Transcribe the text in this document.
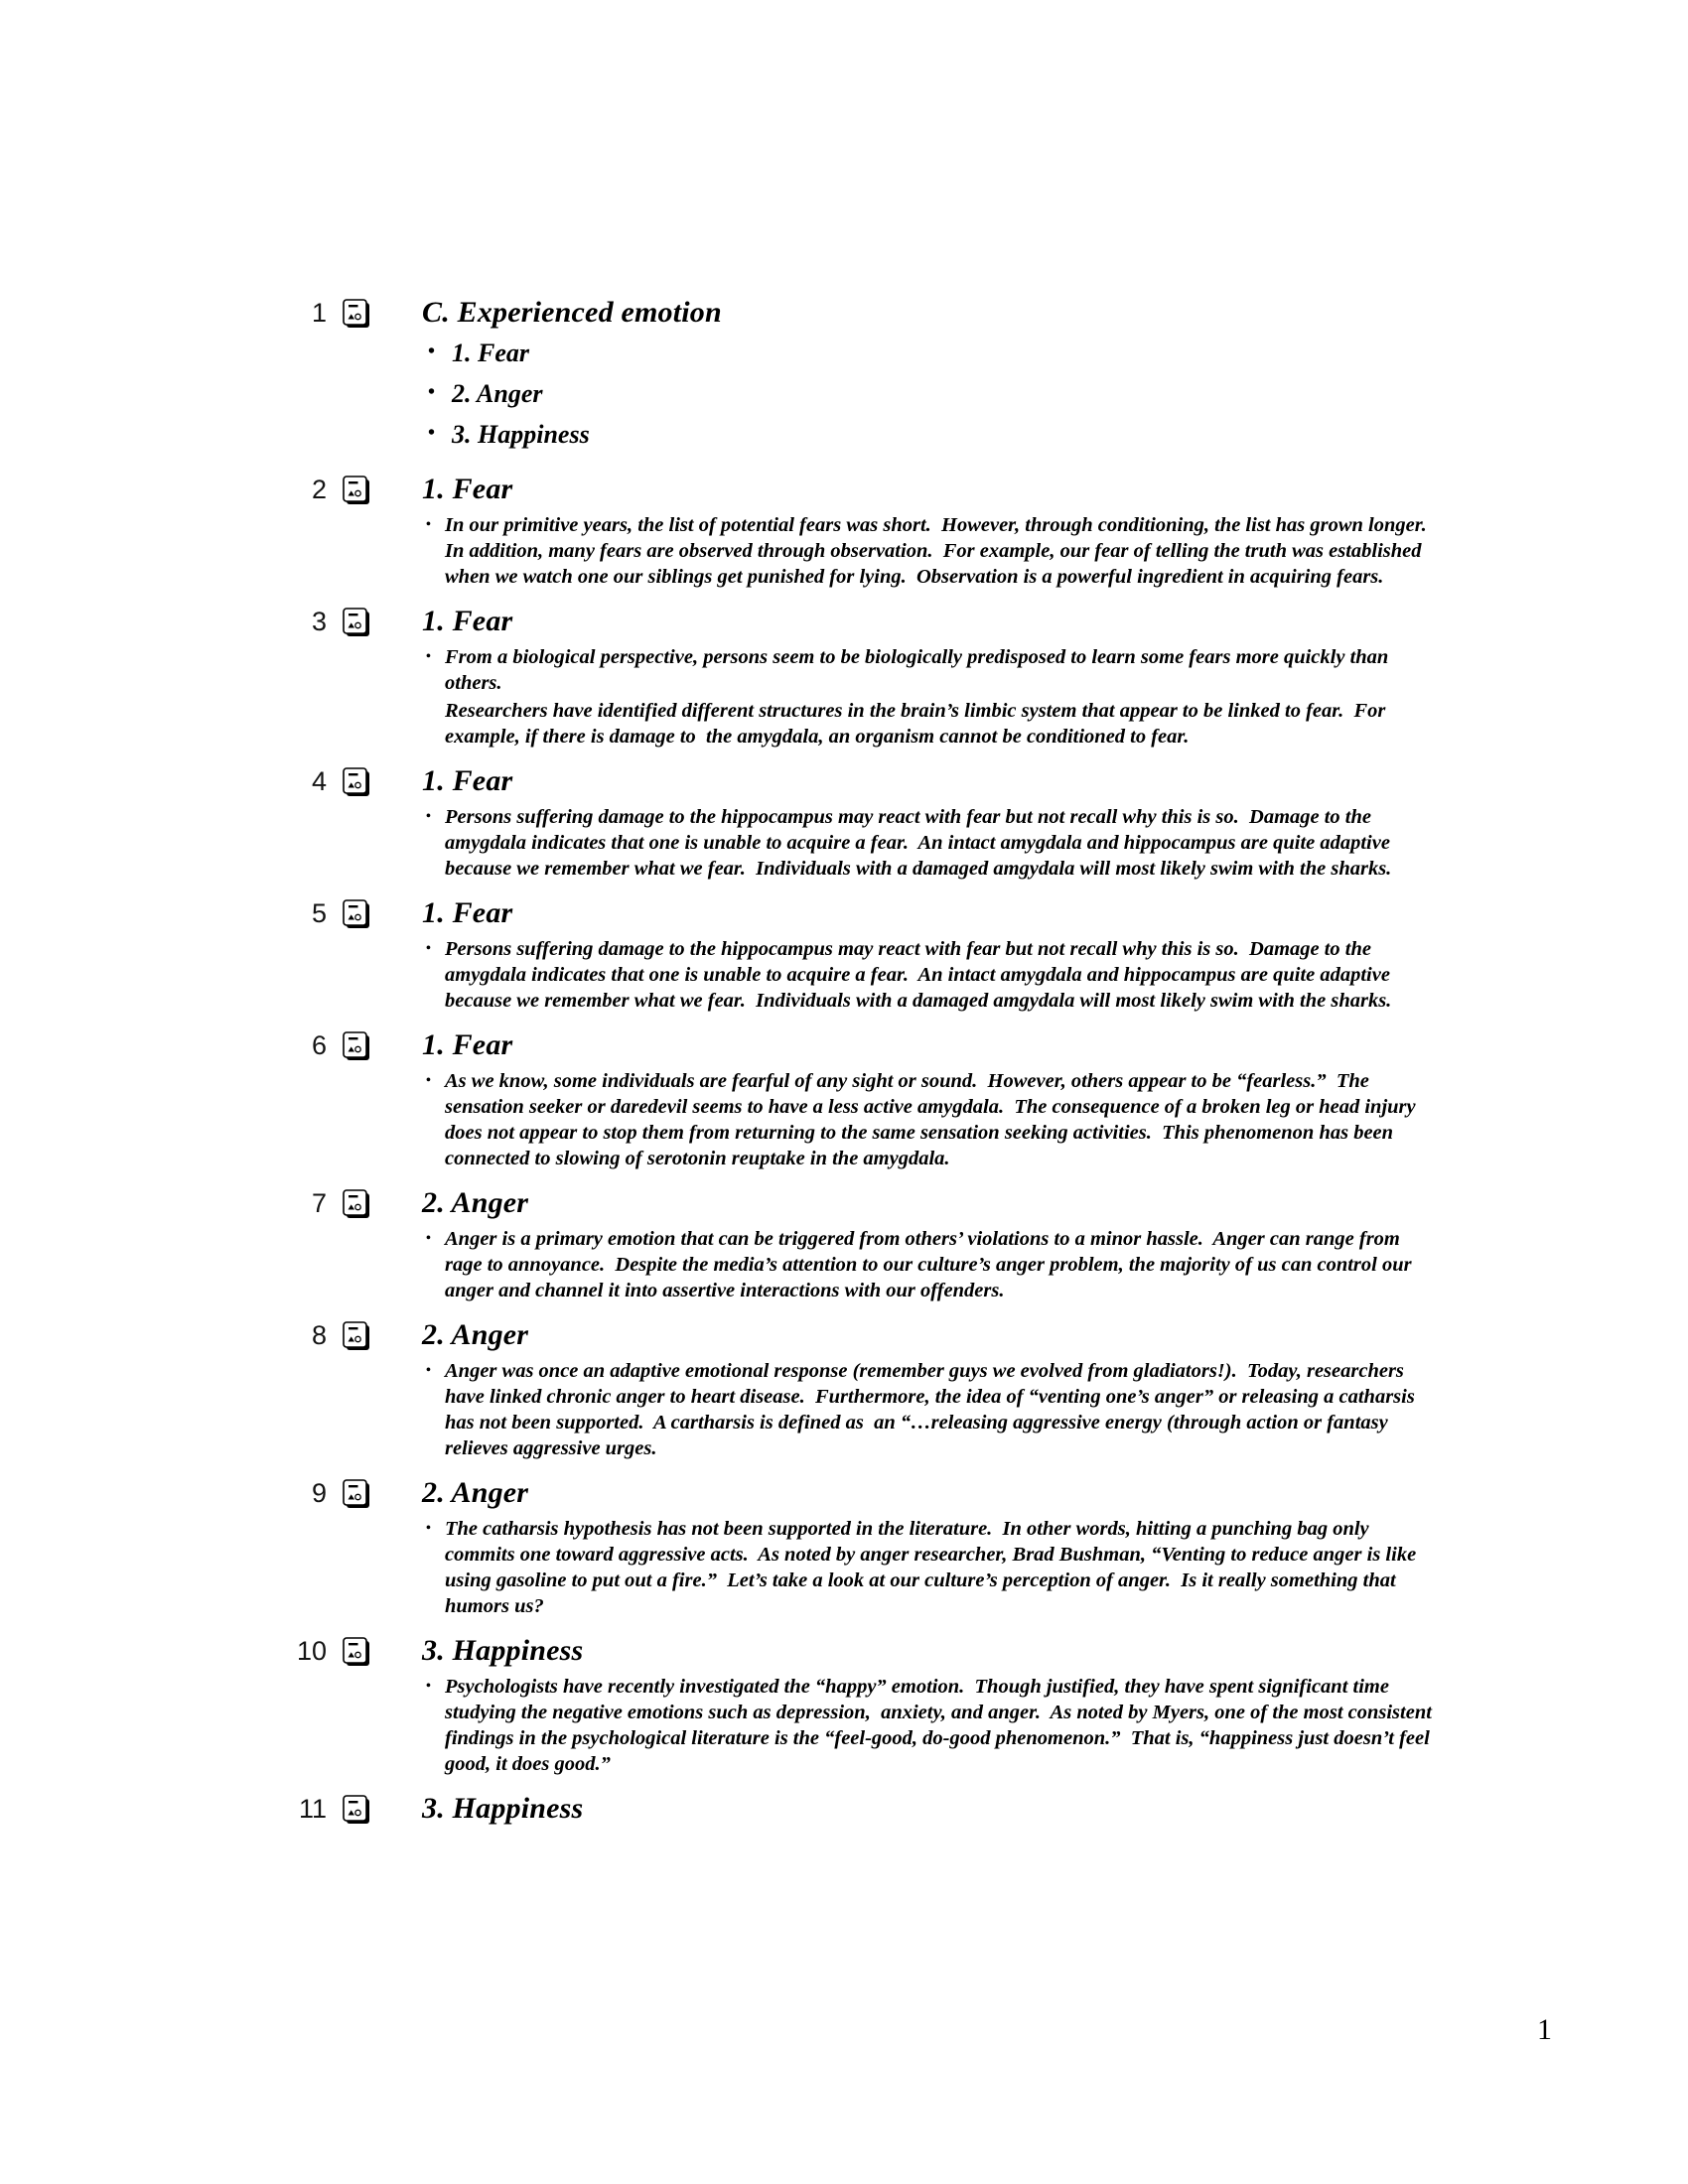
1	C. Experienced emotion
• 1. Fear
• 2. Anger
• 3. Happiness
2	1. Fear
• In our primitive years, the list of potential fears was short.  However, through conditioning, the list has grown longer.  In addition, many fears are observed through observation.  For example, our fear of telling the truth was established when we watch one our siblings get punished for lying.  Observation is a powerful ingredient in acquiring fears.
3	1. Fear
• From a biological perspective, persons seem to be biologically predisposed to learn some fears more quickly than others.
Researchers have identified different structures in the brain’s limbic system that appear to be linked to fear.  For example, if there is damage to  the amygdala, an organism cannot be conditioned to fear.
4	1. Fear
• Persons suffering damage to the hippocampus may react with fear but not recall why this is so.  Damage to the amygdala indicates that one is unable to acquire a fear.  An intact amygdala and hippocampus are quite adaptive because we remember what we fear.  Individuals with a damaged amgydala will most likely swim with the sharks.
5	1. Fear
• Persons suffering damage to the hippocampus may react with fear but not recall why this is so.  Damage to the amygdala indicates that one is unable to acquire a fear.  An intact amygdala and hippocampus are quite adaptive because we remember what we fear.  Individuals with a damaged amgydala will most likely swim with the sharks.
6	1. Fear
• As we know, some individuals are fearful of any sight or sound.  However, others appear to be “fearless.”  The sensation seeker or daredevil seems to have a less active amygdala.  The consequence of a broken leg or head injury does not appear to stop them from returning to the same sensation seeking activities.  This phenomenon has been connected to slowing of serotonin reuptake in the amygdala.
7	2. Anger
• Anger is a primary emotion that can be triggered from others’ violations to a minor hassle.  Anger can range from rage to annoyance.  Despite the media’s attention to our culture’s anger problem, the majority of us can control our anger and channel it into assertive interactions with our offenders.
8	2. Anger
• Anger was once an adaptive emotional response (remember guys we evolved from gladiators!).  Today, researchers have linked chronic anger to heart disease.  Furthermore, the idea of “venting one’s anger” or releasing a catharsis has not been supported.  A cartharsis is defined as  an “…releasing aggressive energy (through action or fantasy relieves aggressive urges.
9	2. Anger
• The catharsis hypothesis has not been supported in the literature.  In other words, hitting a punching bag only commits one toward aggressive acts.  As noted by anger researcher, Brad Bushman, “Venting to reduce anger is like using gasoline to put out a fire.”  Let’s take a look at our culture’s perception of anger.  Is it really something that humors us?
10	3. Happiness
• Psychologists have recently investigated the “happy” emotion.  Though justified, they have spent significant time studying the negative emotions such as depression,  anxiety, and anger.  As noted by Myers, one of the most consistent findings in the psychological literature is the “feel-good, do-good phenomenon.”  That is, “happiness just doesn’t feel good, it does good.”
11	3. Happiness
1
